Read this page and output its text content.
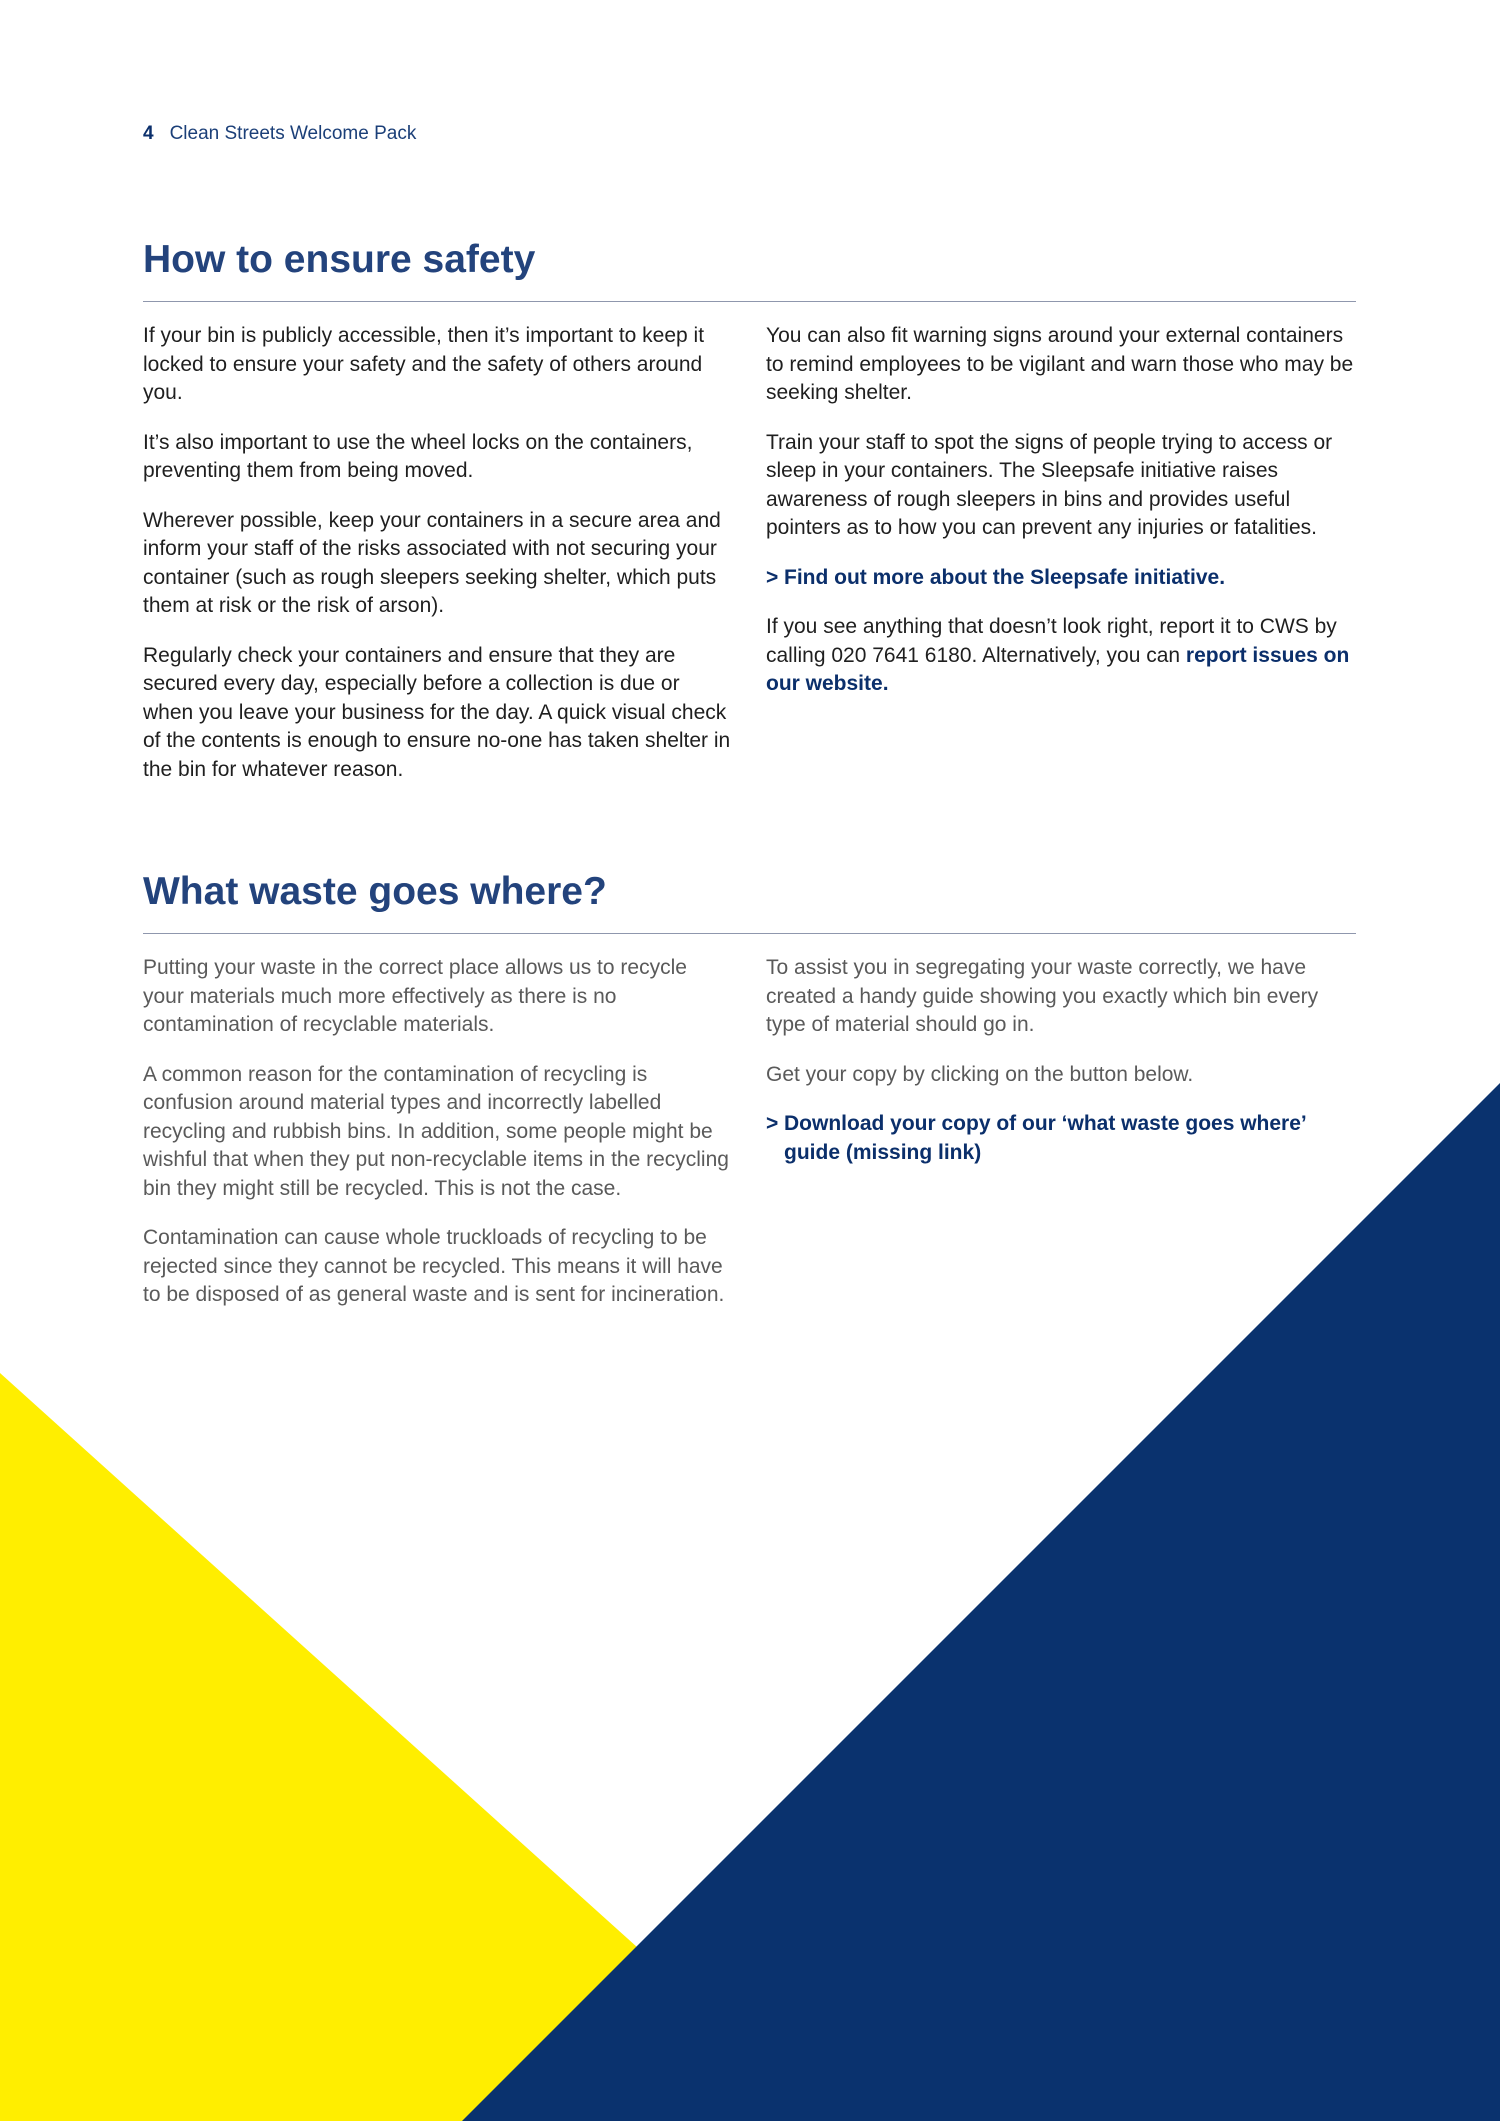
4 Clean Streets Welcome Pack
How to ensure safety

If your bin is publicly accessible, then it’s important to keep it locked to ensure your safety and the safety of others around you.

It’s also important to use the wheel locks on the containers, preventing them from being moved.

Wherever possible, keep your containers in a secure area and inform your staff of the risks associated with not securing your container (such as rough sleepers seeking shelter, which puts them at risk or the risk of arson).

Regularly check your containers and ensure that they are secured every day, especially before a collection is due or when you leave your business for the day. A quick visual check of the contents is enough to ensure no-one has taken shelter in the bin for whatever reason.

You can also fit warning signs around your external containers to remind employees to be vigilant and warn those who may be seeking shelter.

Train your staff to spot the signs of people trying to access or sleep in your containers. The Sleepsafe initiative raises awareness of rough sleepers in bins and provides useful pointers as to how you can prevent any injuries or fatalities.

> Find out more about the Sleepsafe initiative.

If you see anything that doesn’t look right, report it to CWS by calling 020 7641 6180. Alternatively, you can report issues on our website.

What waste goes where?

Putting your waste in the correct place allows us to recycle your materials much more effectively as there is no contamination of recyclable materials.

A common reason for the contamination of recycling is confusion around material types and incorrectly labelled recycling and rubbish bins. In addition, some people might be wishful that when they put non-recyclable items in the recycling bin they might still be recycled. This is not the case.

Contamination can cause whole truckloads of recycling to be rejected since they cannot be recycled. This means it will have to be disposed of as general waste and is sent for incineration.

To assist you in segregating your waste correctly, we have created a handy guide showing you exactly which bin every type of material should go in.

Get your copy by clicking on the button below.

> Download your copy of our ‘what waste goes where’ guide (missing link)
